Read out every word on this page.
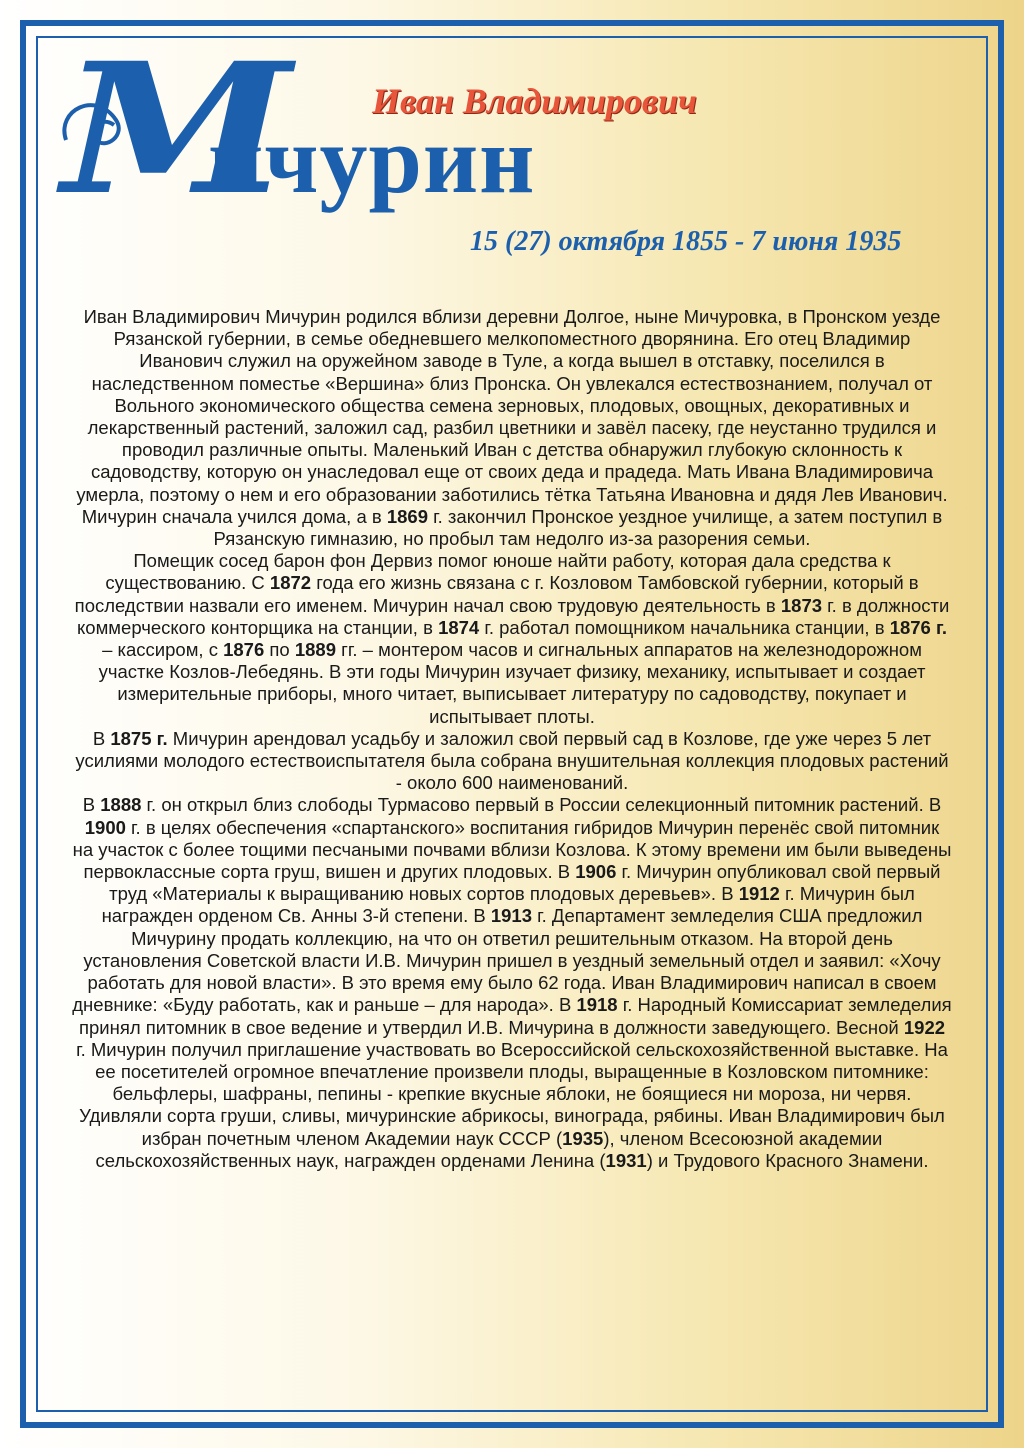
М Иван Владимирович
ичурин

15 (27) октября 1855 - 7 июня 1935

Иван Владимирович Мичурин родился вблизи деревни Долгое, ныне Мичуровка, в Пронском уезде Рязанской губернии, в семье обедневшего мелкопоместного дворянина. Его отец Владимир Иванович служил на оружейном заводе в Туле, а когда вышел в отставку, поселился в наследственном поместье «Вершина» близ Пронска. Он увлекался естествознанием, получал от Вольного экономического общества семена зерновых, плодовых, овощных, декоративных и лекарственный растений, заложил сад, разбил цветники и завёл пасеку, где неустанно трудился и проводил различные опыты. Маленький Иван с детства обнаружил глубокую склонность к садоводству, которую он унаследовал еще от своих деда и прадеда. Мать Ивана Владимировича умерла, поэтому о нем и его образовании заботились тётка Татьяна Ивановна и дядя Лев Иванович. Мичурин сначала учился дома, а в 1869 г. закончил Пронское уездное училище, а затем поступил в Рязанскую гимназию, но пробыл там недолго из-за разорения семьи.

Помещик сосед барон фон Дервиз помог юноше найти работу, которая дала средства к существованию. С 1872 года его жизнь связана с г. Козловом Тамбовской губернии, который в последствии назвали его именем. Мичурин начал свою трудовую деятельность в 1873 г. в должности коммерческого конторщика на станции, в 1874 г. работал помощником начальника станции, в 1876 г. – кассиром, с 1876 по 1889 гг. – монтером часов и сигнальных аппаратов на железнодорожном участке Козлов-Лебедянь. В эти годы Мичурин изучает физику, механику, испытывает и создает измерительные приборы, много читает, выписывает литературу по садоводству, покупает и испытывает плоты.

В 1875 г. Мичурин арендовал усадьбу и заложил свой первый сад в Козлове, где уже через 5 лет усилиями молодого естествоиспытателя была собрана внушительная коллекция плодовых растений - около 600 наименований.

В 1888 г. он открыл близ слободы Турмасово первый в России селекционный питомник растений. В 1900 г. в целях обеспечения «спартанского» воспитания гибридов Мичурин перенёс свой питомник на участок с более тощими песчаными почвами вблизи Козлова. К этому времени им были выведены первоклассные сорта груш, вишен и других плодовых. В 1906 г. Мичурин опубликовал свой первый труд «Материалы к выращиванию новых сортов плодовых деревьев». В 1912 г. Мичурин был награжден орденом Св. Анны 3-й степени. В 1913 г. Департамент земледелия США предложил Мичурину продать коллекцию, на что он ответил решительным отказом. На второй день установления Советской власти И.В. Мичурин пришел в уездный земельный отдел и заявил: «Хочу работать для новой власти». В это время ему было 62 года. Иван Владимирович написал в своем дневнике: «Буду работать, как и раньше – для народа». В 1918 г. Народный Комиссариат земледелия принял питомник в свое ведение и утвердил И.В. Мичурина в должности заведующего. Весной 1922 г. Мичурин получил приглашение участвовать во Всероссийской сельскохозяйственной выставке. На ее посетителей огромное впечатление произвели плоды, выращенные в Козловском питомнике: бельфлеры, шафраны, пепины - крепкие вкусные яблоки, не боящиеся ни мороза, ни червя. Удивляли сорта груши, сливы, мичуринские абрикосы, винограда, рябины. Иван Владимирович был избран почетным членом Академии наук СССР (1935), членом Всесоюзной академии сельскохозяйственных наук, награжден орденами Ленина (1931) и Трудового Красного Знамени.
